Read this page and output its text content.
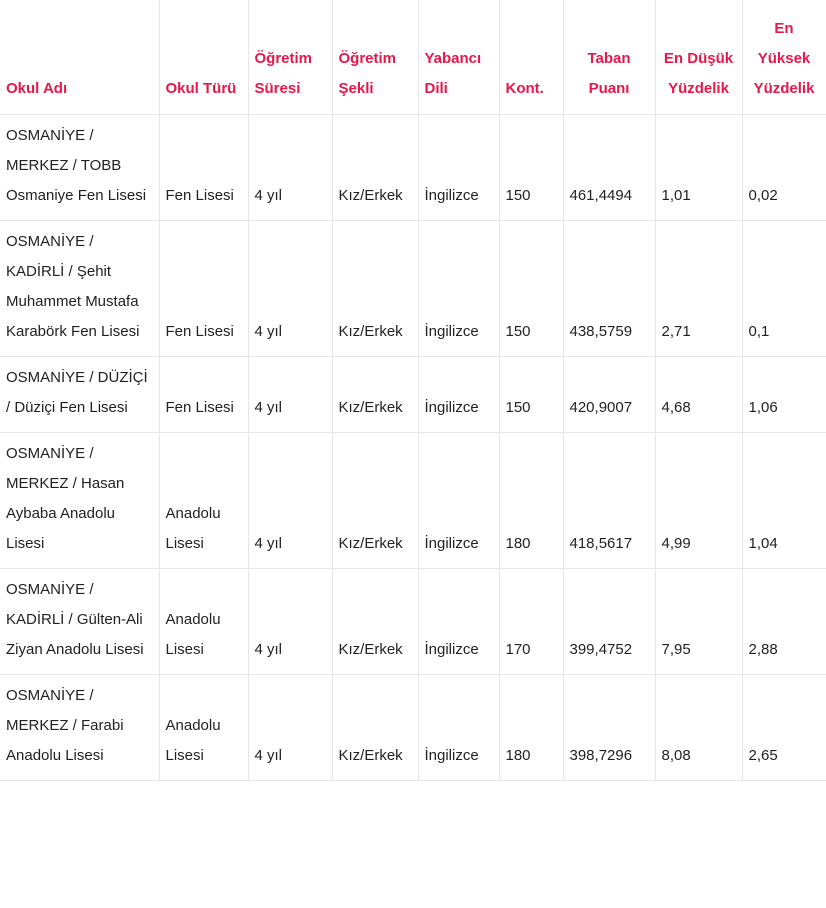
Okul Adı	Okul Türü	Öğretim Süresi	Öğretim Şekli	Yabancı Dili	Kont.	Taban Puanı	En Düşük Yüzdelik	En Yüksek Yüzdelik
OSMANİYE / MERKEZ / TOBB Osmaniye Fen Lisesi	Fen Lisesi	4 yıl	Kız/Erkek	İngilizce	150	461,4494	1,01	0,02
OSMANİYE / KADİRLİ / Şehit Muhammet Mustafa Karabörk Fen Lisesi	Fen Lisesi	4 yıl	Kız/Erkek	İngilizce	150	438,5759	2,71	0,1
OSMANİYE / DÜZİÇİ / Düziçi Fen Lisesi	Fen Lisesi	4 yıl	Kız/Erkek	İngilizce	150	420,9007	4,68	1,06
OSMANİYE / MERKEZ / Hasan Aybaba Anadolu Lisesi	Anadolu Lisesi	4 yıl	Kız/Erkek	İngilizce	180	418,5617	4,99	1,04
OSMANİYE / KADİRLİ / Gülten-Ali Ziyan Anadolu Lisesi	Anadolu Lisesi	4 yıl	Kız/Erkek	İngilizce	170	399,4752	7,95	2,88
OSMANİYE / MERKEZ / Farabi Anadolu Lisesi	Anadolu Lisesi	4 yıl	Kız/Erkek	İngilizce	180	398,7296	8,08	2,65
